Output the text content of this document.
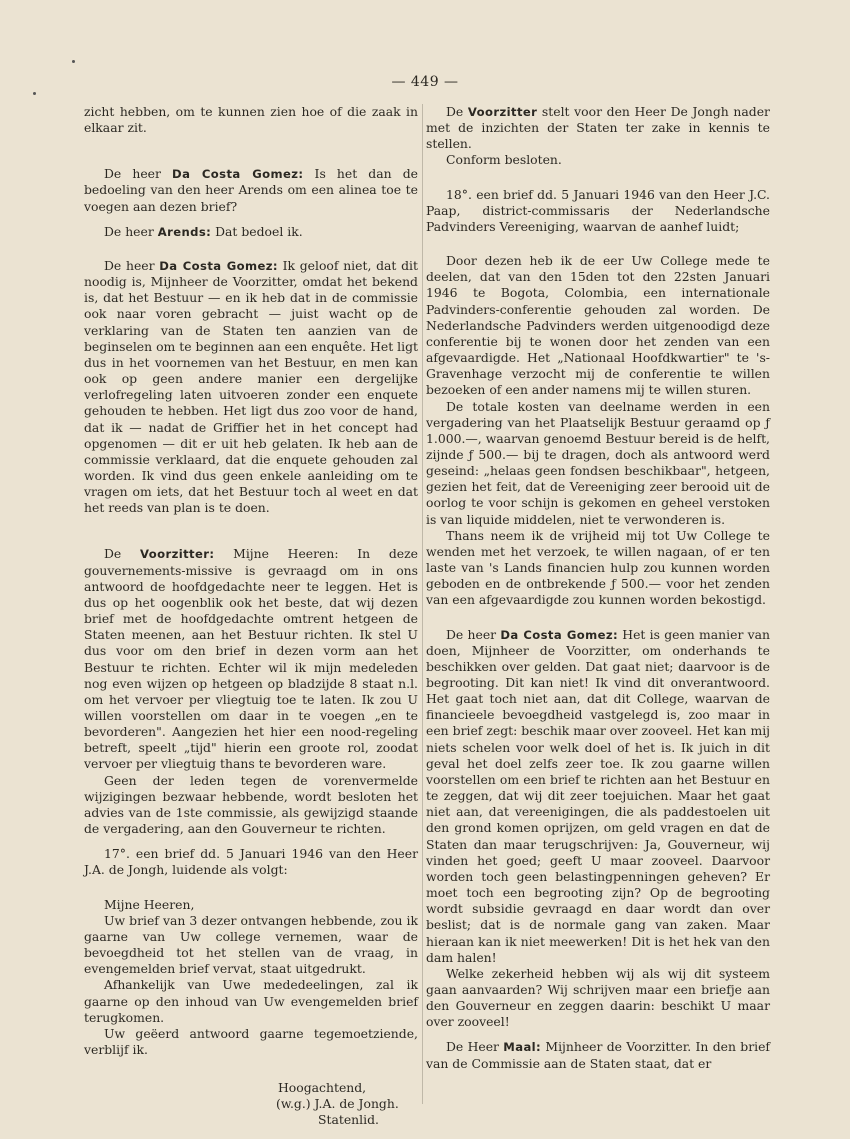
— 449 —

zicht hebben, om te kunnen zien hoe of die zaak in elkaar zit.

De heer Da Costa Gomez: Is het dan de bedoeling van den heer Arends om een alinea toe te voegen aan dezen brief?

De heer Arends: Dat bedoel ik.

De heer Da Costa Gomez: Ik geloof niet, dat dit noodig is, Mijnheer de Voorzitter, omdat het bekend is, dat het Bestuur — en ik heb dat in de commissie ook naar voren gebracht — juist wacht op de verklaring van de Staten ten aanzien van de beginselen om te beginnen aan een enquête. Het ligt dus in het voornemen van het Bestuur, en men kan ook op geen andere manier een dergelijke verlofregeling laten uitvoeren zonder een enquete gehouden te hebben. Het ligt dus zoo voor de hand, dat ik — nadat de Griffier het in het concept had opgenomen — dit er uit heb gelaten. Ik heb aan de commissie verklaard, dat die enquete gehouden zal worden. Ik vind dus geen enkele aanleiding om te vragen om iets, dat het Bestuur toch al weet en dat het reeds van plan is te doen.

De Voorzitter: Mijne Heeren: In deze gouvernements-missive is gevraagd om in ons antwoord de hoofdgedachte neer te leggen. Het is dus op het oogenblik ook het beste, dat wij dezen brief met de hoofdgedachte omtrent hetgeen de Staten meenen, aan het Bestuur richten. Ik stel U dus voor om den brief in dezen vorm aan het Bestuur te richten. Echter wil ik mijn medeleden nog even wijzen op hetgeen op bladzijde 8 staat n.l. om het vervoer per vliegtuig toe te laten. Ik zou U willen voorstellen om daar in te voegen „en te bevorderen". Aangezien het hier een nood-regeling betreft, speelt „tijd" hierin een groote rol, zoodat vervoer per vliegtuig thans te bevorderen ware.

Geen der leden tegen de vorenvermelde wijzigingen bezwaar hebbende, wordt besloten het advies van de 1ste commissie, als gewijzigd staande de vergadering, aan den Gouverneur te richten.

17°. een brief dd. 5 Januari 1946 van den Heer J.A. de Jongh, luidende als volgt:

Mijne Heeren,

Uw brief van 3 dezer ontvangen hebbende, zou ik gaarne van Uw college vernemen, waar de bevoegdheid tot het stellen van de vraag, in evengemelden brief vervat, staat uitgedrukt.

Afhankelijk van Uwe mededeelingen, zal ik gaarne op den inhoud van Uw evengemelden brief terugkomen.

Uw geëerd antwoord gaarne tegemoetziende, verblijf ik.

Hoogachtend,

(w.g.) J.A. de Jongh.

Statenlid.

De Voorzitter stelt voor den Heer De Jongh nader met de inzichten der Staten ter zake in kennis te stellen.

Conform besloten.

18°. een brief dd. 5 Januari 1946 van den Heer J.C. Paap, district-commissaris der Nederlandsche Padvinders Vereeniging, waarvan de aanhef luidt;

Door dezen heb ik de eer Uw College mede te deelen, dat van den 15den tot den 22sten Januari 1946 te Bogota, Colombia, een internationale Padvinders-conferentie gehouden zal worden. De Nederlandsche Padvinders werden uitgenoodigd deze conferentie bij te wonen door het zenden van een afgevaardigde. Het „Nationaal Hoofdkwartier" te 's-Gravenhage verzocht mij de conferentie te willen bezoeken of een ander namens mij te willen sturen.

De totale kosten van deelname werden in een vergadering van het Plaatselijk Bestuur geraamd op ƒ 1.000.—, waarvan genoemd Bestuur bereid is de helft, zijnde ƒ 500.— bij te dragen, doch als antwoord werd geseind: „helaas geen fondsen beschikbaar", hetgeen, gezien het feit, dat de Vereeniging zeer berooid uit de oorlog te voor schijn is gekomen en geheel verstoken is van liquide middelen, niet te verwonderen is.

Thans neem ik de vrijheid mij tot Uw College te wenden met het verzoek, te willen nagaan, of er ten laste van 's Lands financien hulp zou kunnen worden geboden en de ontbrekende ƒ 500.— voor het zenden van een afgevaardigde zou kunnen worden bekostigd.

De heer Da Costa Gomez: Het is geen manier van doen, Mijnheer de Voorzitter, om onderhands te beschikken over gelden. Dat gaat niet; daarvoor is de begrooting. Dit kan niet! Ik vind dit onverantwoord. Het gaat toch niet aan, dat dit College, waarvan de financieele bevoegdheid vastgelegd is, zoo maar in een brief zegt: beschik maar over zooveel. Het kan mij niets schelen voor welk doel of het is. Ik juich in dit geval het doel zelfs zeer toe. Ik zou gaarne willen voorstellen om een brief te richten aan het Bestuur en te zeggen, dat wij dit zeer toejuichen. Maar het gaat niet aan, dat vereenigingen, die als paddestoelen uit den grond komen oprijzen, om geld vragen en dat de Staten dan maar terugschrijven: Ja, Gouverneur, wij vinden het goed; geeft U maar zooveel. Daarvoor worden toch geen belastingpenningen geheven? Er moet toch een begrooting zijn? Op de begrooting wordt subsidie gevraagd en daar wordt dan over beslist; dat is de normale gang van zaken. Maar hieraan kan ik niet meewerken! Dit is het hek van den dam halen!

Welke zekerheid hebben wij als wij dit systeem gaan aanvaarden? Wij schrijven maar een briefje aan den Gouverneur en zeggen daarin: beschikt U maar over zooveel!

De Heer Maal: Mijnheer de Voorzitter. In den brief van de Commissie aan de Staten staat, dat er
